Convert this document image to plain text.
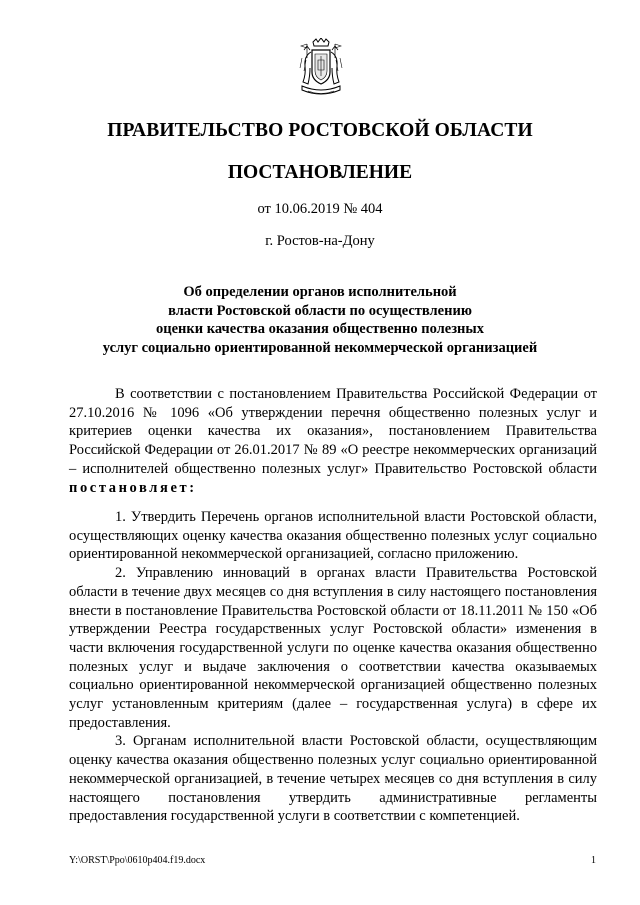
ПРАВИТЕЛЬСТВО РОСТОВСКОЙ ОБЛАСТИ
ПОСТАНОВЛЕНИЕ
от 10.06.2019 № 404
г. Ростов-на-Дону
Об определении органов исполнительной
власти Ростовской области по осуществлению
оценки качества оказания общественно полезных
услуг социально ориентированной некоммерческой организацией

В соответствии с постановлением Правительства Российской Федерации от 27.10.2016 № 1096 «Об утверждении перечня общественно полезных услуг и критериев оценки качества их оказания», постановлением Правительства Российской Федерации от 26.01.2017 № 89 «О реестре некоммерческих организаций – исполнителей общественно полезных услуг» Правительство Ростовской области постановляет:

1. Утвердить Перечень органов исполнительной власти Ростовской области, осуществляющих оценку качества оказания общественно полезных услуг социально ориентированной некоммерческой организацией, согласно приложению.

2. Управлению инноваций в органах власти Правительства Ростовской области в течение двух месяцев со дня вступления в силу настоящего постановления внести в постановление Правительства Ростовской области от 18.11.2011 № 150 «Об утверждении Реестра государственных услуг Ростовской области» изменения в части включения государственной услуги по оценке качества оказания общественно полезных услуг и выдаче заключения о соответствии качества оказываемых социально ориентированной некоммерческой организацией общественно полезных услуг установленным критериям (далее – государственная услуга) в сфере их предоставления.

3. Органам исполнительной власти Ростовской области, осуществляющим оценку качества оказания общественно полезных услуг социально ориентированной некоммерческой организацией, в течение четырех месяцев со дня вступления в силу настоящего постановления утвердить административные регламенты предоставления государственной услуги в соответствии с компетенцией.

Y:\ORST\Ppo\0610p404.f19.docx	1
